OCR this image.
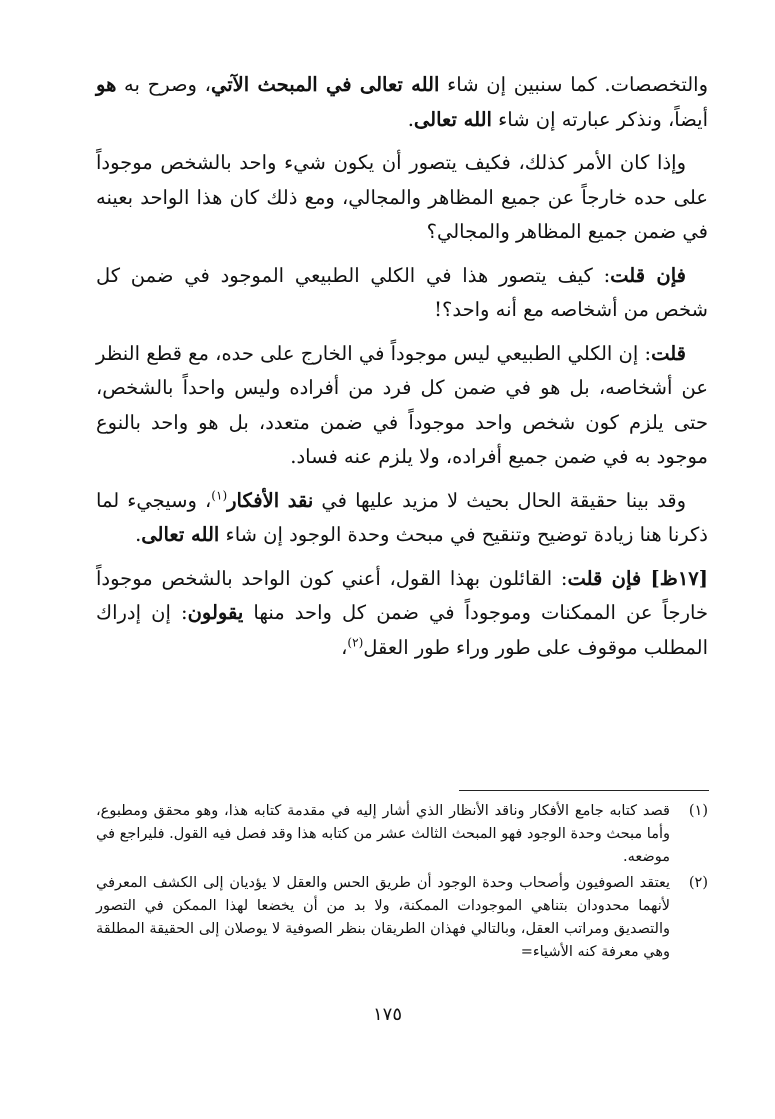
والتخصصات. كما سنبين إن شاء الله تعالى في المبحث الآتي، وصرح به هو أيضاً، ونذكر عبارته إن شاء الله تعالى.

وإذا كان الأمر كذلك، فكيف يتصور أن يكون شيء واحد بالشخص موجوداً على حده خارجاً عن جميع المظاهر والمجالي، ومع ذلك كان هذا الواحد بعينه في ضمن جميع المظاهر والمجالي؟

فإن قلت: كيف يتصور هذا في الكلي الطبيعي الموجود في ضمن كل شخص من أشخاصه مع أنه واحد؟!

قلت: إن الكلي الطبيعي ليس موجوداً في الخارج على حده، مع قطع النظر عن أشخاصه، بل هو في ضمن كل فرد من أفراده وليس واحداً بالشخص، حتى يلزم كون شخص واحد موجوداً في ضمن متعدد، بل هو واحد بالنوع موجود به في ضمن جميع أفراده، ولا يلزم عنه فساد.

وقد بينا حقيقة الحال بحيث لا مزيد عليها في نقد الأفكار$^{(١)}$، وسيجيء لما ذكرنا هنا زيادة توضيح وتنقيح في مبحث وحدة الوجود إن شاء الله تعالى.

[١٧ظ] فإن قلت: القائلون بهذا القول، أعني كون الواحد بالشخص موجوداً خارجاً عن الممكنات وموجوداً في ضمن كل واحد منها يقولون: إن إدراك المطلب موقوف على طور وراء طور العقل$^{(٢)}$،

(١)
قصد كتابه جامع الأفكار وناقد الأنظار الذي أشار إليه في مقدمة كتابه هذا، وهو محقق ومطبوع، وأما مبحث وحدة الوجود فهو المبحث الثالث عشر من كتابه هذا وقد فصل فيه القول. فليراجع في موضعه.

(٢)
يعتقد الصوفيون وأصحاب وحدة الوجود أن طريق الحس والعقل لا يؤديان إلى الكشف المعرفي لأنهما محدودان بتناهي الموجودات الممكنة، ولا بد من أن يخضعا لهذا الممكن في التصور والتصديق ومراتب العقل، وبالتالي فهذان الطريقان بنظر الصوفية لا يوصلان إلى الحقيقة المطلقة وهي معرفة كنه الأشياء=

١٧٥
